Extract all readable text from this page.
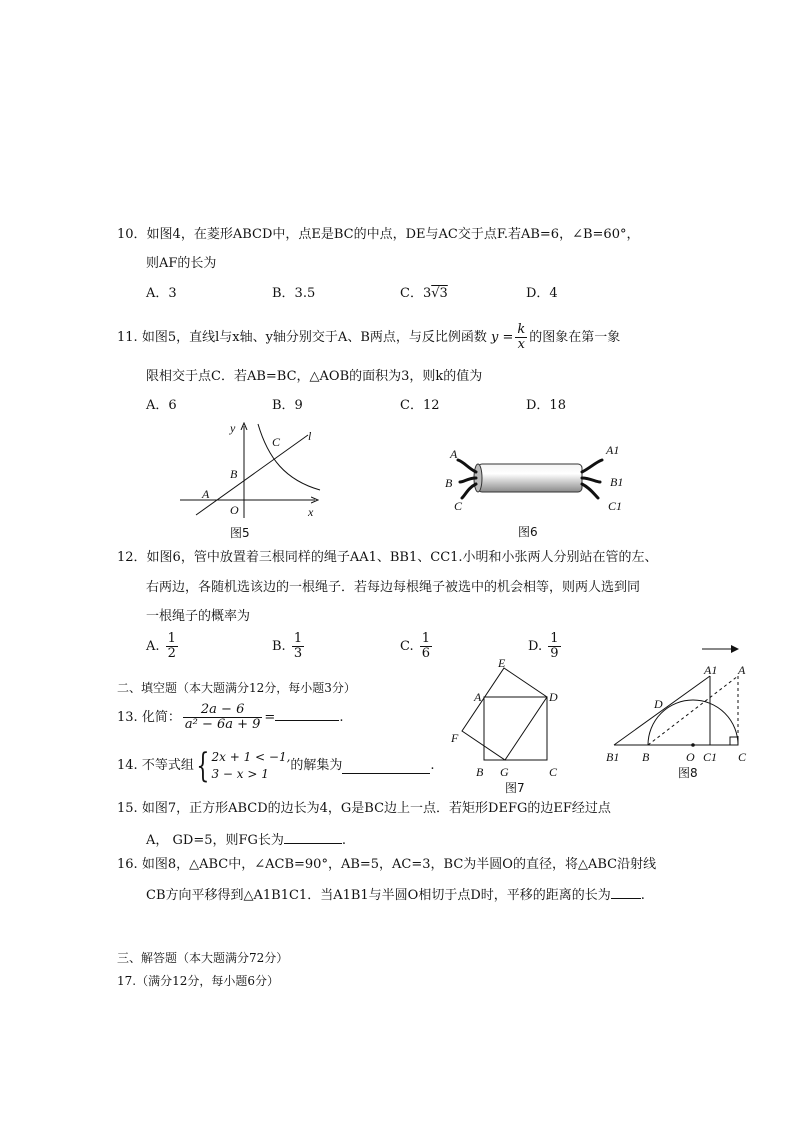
10．如图4，在菱形ABCD中，点E是BC的中点，DE与AC交于点F.若AB=6，∠B=60°，
则AF的长为
A．3	B．3.5	C．3√3	D．4
11. 如图5，直线l与x轴、y轴分别交于A、B两点，与反比例函数 $y = \frac{k}{x}$ 的图象在第一象
限相交于点C．若AB=BC，△AOB的面积为3，则k的值为
A．6	B．9	C．12	D．18
y
C l
B
A
O	x
图5
A
B
C
A1
B1
C1
图6
12．如图6，管中放置着三根同样的绳子AA1、BB1、CC1.小明和小张两人分别站在管的左、
右两边，各随机选该边的一根绳子．若每边每根绳子被选中的机会相等，则两人选到同
一根绳子的概率为
A. $\frac{1}{2}$	B. $\frac{1}{3}$	C. $\frac{1}{6}$	D. $\frac{1}{9}$
二、填空题（本大题满分12分，每小题3分）
13. 化简： $\frac{2a - 6}{\text{a² − 6a + 9}}$ =	.
14. 不等式组{ 2x + 1 < −1,
3 − x > 1
的解集为	.
E
A	D
F
B G	C
图7
A1 A
D
B1 B	O C1 C
图8
15. 如图7，正方形ABCD的边长为4，G是BC边上一点．若矩形DEFG的边EF经过点
A， GD=5，则FG长为	.
16. 如图8，△ABC中，∠ACB=90°，AB=5，AC=3，BC为半圆O的直径，将△ABC沿射线
CB方向平移得到△A1B1C1．当A1B1与半圆O相切于点D时，平移的距离的长为 .
三、解答题（本大题满分72分）
17.（满分12分，每小题6分）
